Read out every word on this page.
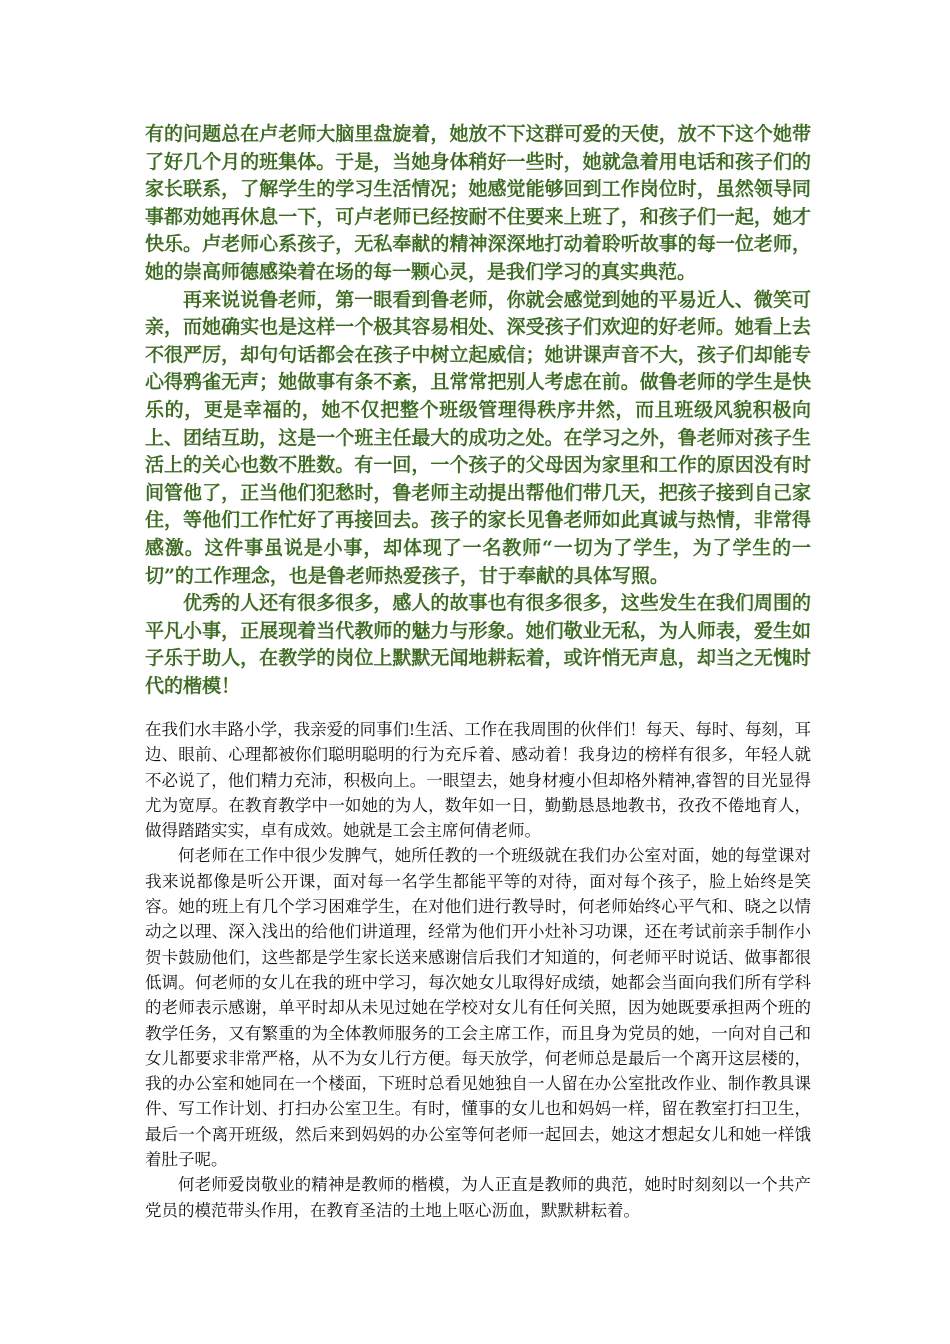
有的问题总在卢老师大脑里盘旋着，她放不下这群可爱的天使，放不下这个她带了好几个月的班集体。于是，当她身体稍好一些时，她就急着用电话和孩子们的家长联系，了解学生的学习生活情况；她感觉能够回到工作岗位时，虽然领导同事都劝她再休息一下，可卢老师已经按耐不住要来上班了，和孩子们一起，她才快乐。卢老师心系孩子，无私奉献的精神深深地打动着聆听故事的每一位老师，她的崇高师德感染着在场的每一颗心灵，是我们学习的真实典范。

再来说说鲁老师，第一眼看到鲁老师，你就会感觉到她的平易近人、微笑可亲，而她确实也是这样一个极其容易相处、深受孩子们欢迎的好老师。她看上去不很严厉，却句句话都会在孩子中树立起威信；她讲课声音不大，孩子们却能专心得鸦雀无声；她做事有条不紊，且常常把别人考虑在前。做鲁老师的学生是快乐的，更是幸福的，她不仅把整个班级管理得秩序井然，而且班级风貌积极向上、团结互助，这是一个班主任最大的成功之处。在学习之外，鲁老师对孩子生活上的关心也数不胜数。有一回，一个孩子的父母因为家里和工作的原因没有时间管他了，正当他们犯愁时，鲁老师主动提出帮他们带几天，把孩子接到自己家住，等他们工作忙好了再接回去。孩子的家长见鲁老师如此真诚与热情，非常得感激。这件事虽说是小事，却体现了一名教师“一切为了学生，为了学生的一切”的工作理念，也是鲁老师热爱孩子，甘于奉献的具体写照。

优秀的人还有很多很多，感人的故事也有很多很多，这些发生在我们周围的平凡小事，正展现着当代教师的魅力与形象。她们敬业无私，为人师表，爱生如子乐于助人，在教学的岗位上默默无闻地耕耘着，或许悄无声息，却当之无愧时代的楷模！

在我们水丰路小学，我亲爱的同事们!生活、工作在我周围的伙伴们！每天、每时、每刻，耳边、眼前、心理都被你们聪明聪明的行为充斥着、感动着！我身边的榜样有很多，年轻人就不必说了，他们精力充沛，积极向上。一眼望去，她身材瘦小但却格外精神,睿智的目光显得尤为宽厚。在教育教学中一如她的为人，数年如一日，勤勤恳恳地教书，孜孜不倦地育人，做得踏踏实实，卓有成效。她就是工会主席何倩老师。

何老师在工作中很少发脾气，她所任教的一个班级就在我们办公室对面，她的每堂课对我来说都像是听公开课，面对每一名学生都能平等的对待，面对每个孩子，脸上始终是笑容。她的班上有几个学习困难学生，在对他们进行教导时，何老师始终心平气和、晓之以情动之以理、深入浅出的给他们讲道理，经常为他们开小灶补习功课，还在考试前亲手制作小贺卡鼓励他们，这些都是学生家长送来感谢信后我们才知道的，何老师平时说话、做事都很低调。何老师的女儿在我的班中学习，每次她女儿取得好成绩，她都会当面向我们所有学科的老师表示感谢，单平时却从未见过她在学校对女儿有任何关照，因为她既要承担两个班的教学任务，又有繁重的为全体教师服务的工会主席工作，而且身为党员的她，一向对自己和女儿都要求非常严格，从不为女儿行方便。每天放学，何老师总是最后一个离开这层楼的，我的办公室和她同在一个楼面，下班时总看见她独自一人留在办公室批改作业、制作教具课件、写工作计划、打扫办公室卫生。有时，懂事的女儿也和妈妈一样，留在教室打扫卫生，最后一个离开班级，然后来到妈妈的办公室等何老师一起回去，她这才想起女儿和她一样饿着肚子呢。

何老师爱岗敬业的精神是教师的楷模，为人正直是教师的典范，她时时刻刻以一个共产党员的模范带头作用，在教育圣洁的土地上呕心沥血，默默耕耘着。
